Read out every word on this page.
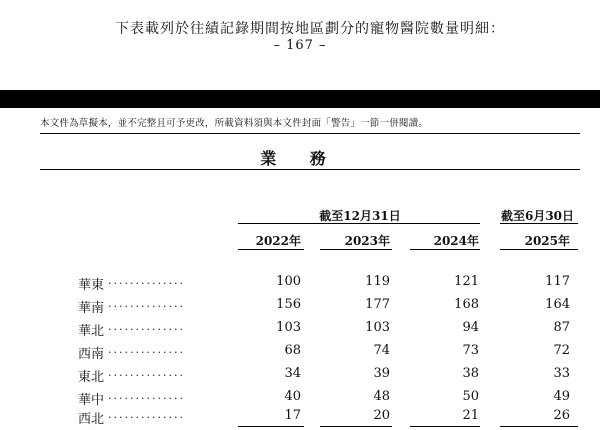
下表載列於往績記錄期間按地區劃分的寵物醫院數量明細：
– 167 –
本文件為草擬本，並不完整且可予更改，所載資料須與本文件封面「警告」一節一併閱讀。
業 務
截至12月31日	截至6月30日
2022年	2023年	2024年	2025年
華東 ..............	100	119	121	117
華南 ..............	156	177	168	164
華北 ..............	103	103	94	87
西南 ..............	68	74	73	72
東北 ..............	34	39	38	33
華中 ..............	40	48	50	49
西北 ..............	17	20	21	26
